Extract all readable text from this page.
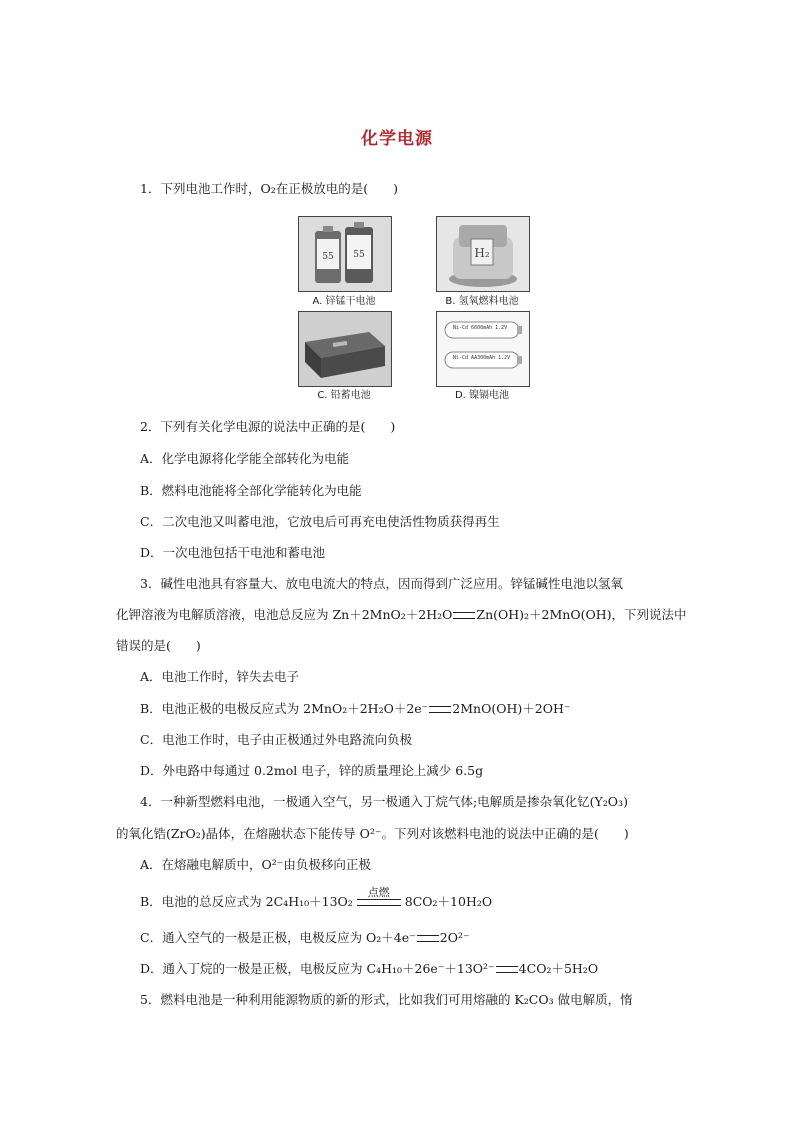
化学电源
1．下列电池工作时，O₂在正极放电的是(　　)
55 55
A. 锌锰干电池
H₂
B. 氢氧燃料电池
C. 铅蓄电池
Ni-Cd 6600mAh 1.2V
Ni-Cd AA300mAh 1.2V
D. 镍镉电池
2．下列有关化学电源的说法中正确的是(　　)
A．化学电源将化学能全部转化为电能
B．燃料电池能将全部化学能转化为电能
C．二次电池又叫蓄电池，它放电后可再充电使活性物质获得再生
D．一次电池包括干电池和蓄电池
3．碱性电池具有容量大、放电电流大的特点，因而得到广泛应用。锌锰碱性电池以氢氧
化钾溶液为电解质溶液，电池总反应为 Zn＋2MnO₂＋2H₂O Zn(OH)₂＋2MnO(OH)，下列说法中
错误的是(　　)
A．电池工作时，锌失去电子
B．电池正极的电极反应式为 2MnO₂＋2H₂O＋2e⁻ 2MnO(OH)＋2OH⁻
C．电池工作时，电子由正极通过外电路流向负极
D．外电路中每通过 0.2mol 电子，锌的质量理论上减少 6.5g
4．一种新型燃料电池，一极通入空气，另一极通入丁烷气体;电解质是掺杂氧化钇(Y₂O₃)
的氧化锆(ZrO₂)晶体，在熔融状态下能传导 O²⁻。下列对该燃料电池的说法中正确的是(　　)
A．在熔融电解质中，O²⁻由负极移向正极
B．电池的总反应式为 2C₄H₁₀＋13O₂
点燃
8CO₂＋10H₂O
C．通入空气的一极是正极，电极反应为 O₂＋4e⁻ 2O²⁻
D．通入丁烷的一极是正极，电极反应为 C₄H₁₀＋26e⁻＋13O²⁻ 4CO₂＋5H₂O
5．燃料电池是一种利用能源物质的新的形式，比如我们可用熔融的 K₂CO₃ 做电解质，惰
